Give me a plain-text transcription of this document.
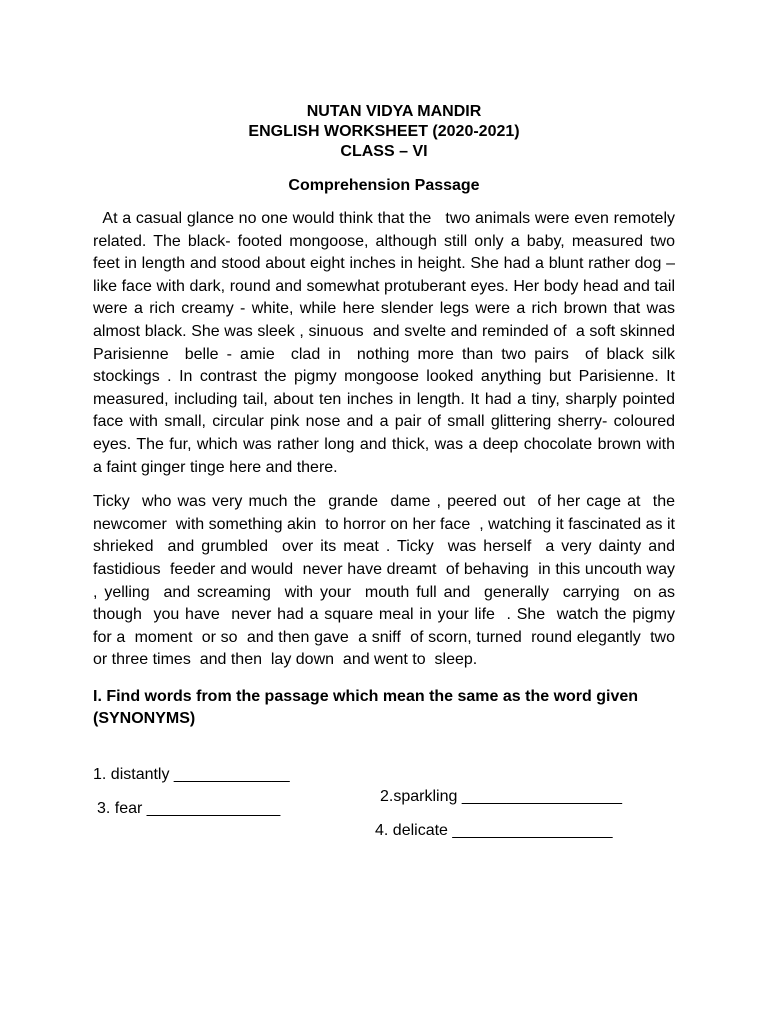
NUTAN VIDYA MANDIR

ENGLISH WORKSHEET (2020-2021)

CLASS – VI

Comprehension Passage

At a casual glance no one would think that the   two animals were even remotely related. The black- footed mongoose, although still only a baby, measured two feet in length and stood about eight inches in height. She had a blunt rather dog – like face with dark, round and somewhat protuberant eyes. Her body head and tail were a rich creamy - white, while here slender legs were a rich brown that was almost black. She was sleek , sinuous  and svelte and reminded of  a soft skinned Parisienne  belle - amie  clad in  nothing more than two pairs  of black silk stockings . In contrast the pigmy mongoose looked anything but Parisienne. It measured, including tail, about ten inches in length. It had a tiny, sharply pointed face with small, circular pink nose and a pair of small glittering sherry- coloured eyes. The fur, which was rather long and thick, was a deep chocolate brown with a faint ginger tinge here and there.

Ticky  who was very much the  grande  dame , peered out  of her cage at  the newcomer  with something akin  to horror on her face  , watching it fascinated as it shrieked  and grumbled  over its meat . Ticky  was herself  a very dainty and fastidious  feeder and would  never have dreamt  of behaving  in this uncouth way , yelling  and screaming  with your  mouth full and  generally  carrying  on as though  you have  never had a square meal in your life  . She  watch the pigmy  for a  moment  or so  and then gave  a sniff  of scorn, turned  round elegantly  two or three times  and then  lay down  and went to  sleep.

I. Find words from the passage which mean the same as the word given (SYNONYMS)

1. distantly _____________

2.sparkling __________________

3. fear _______________

4. delicate __________________
